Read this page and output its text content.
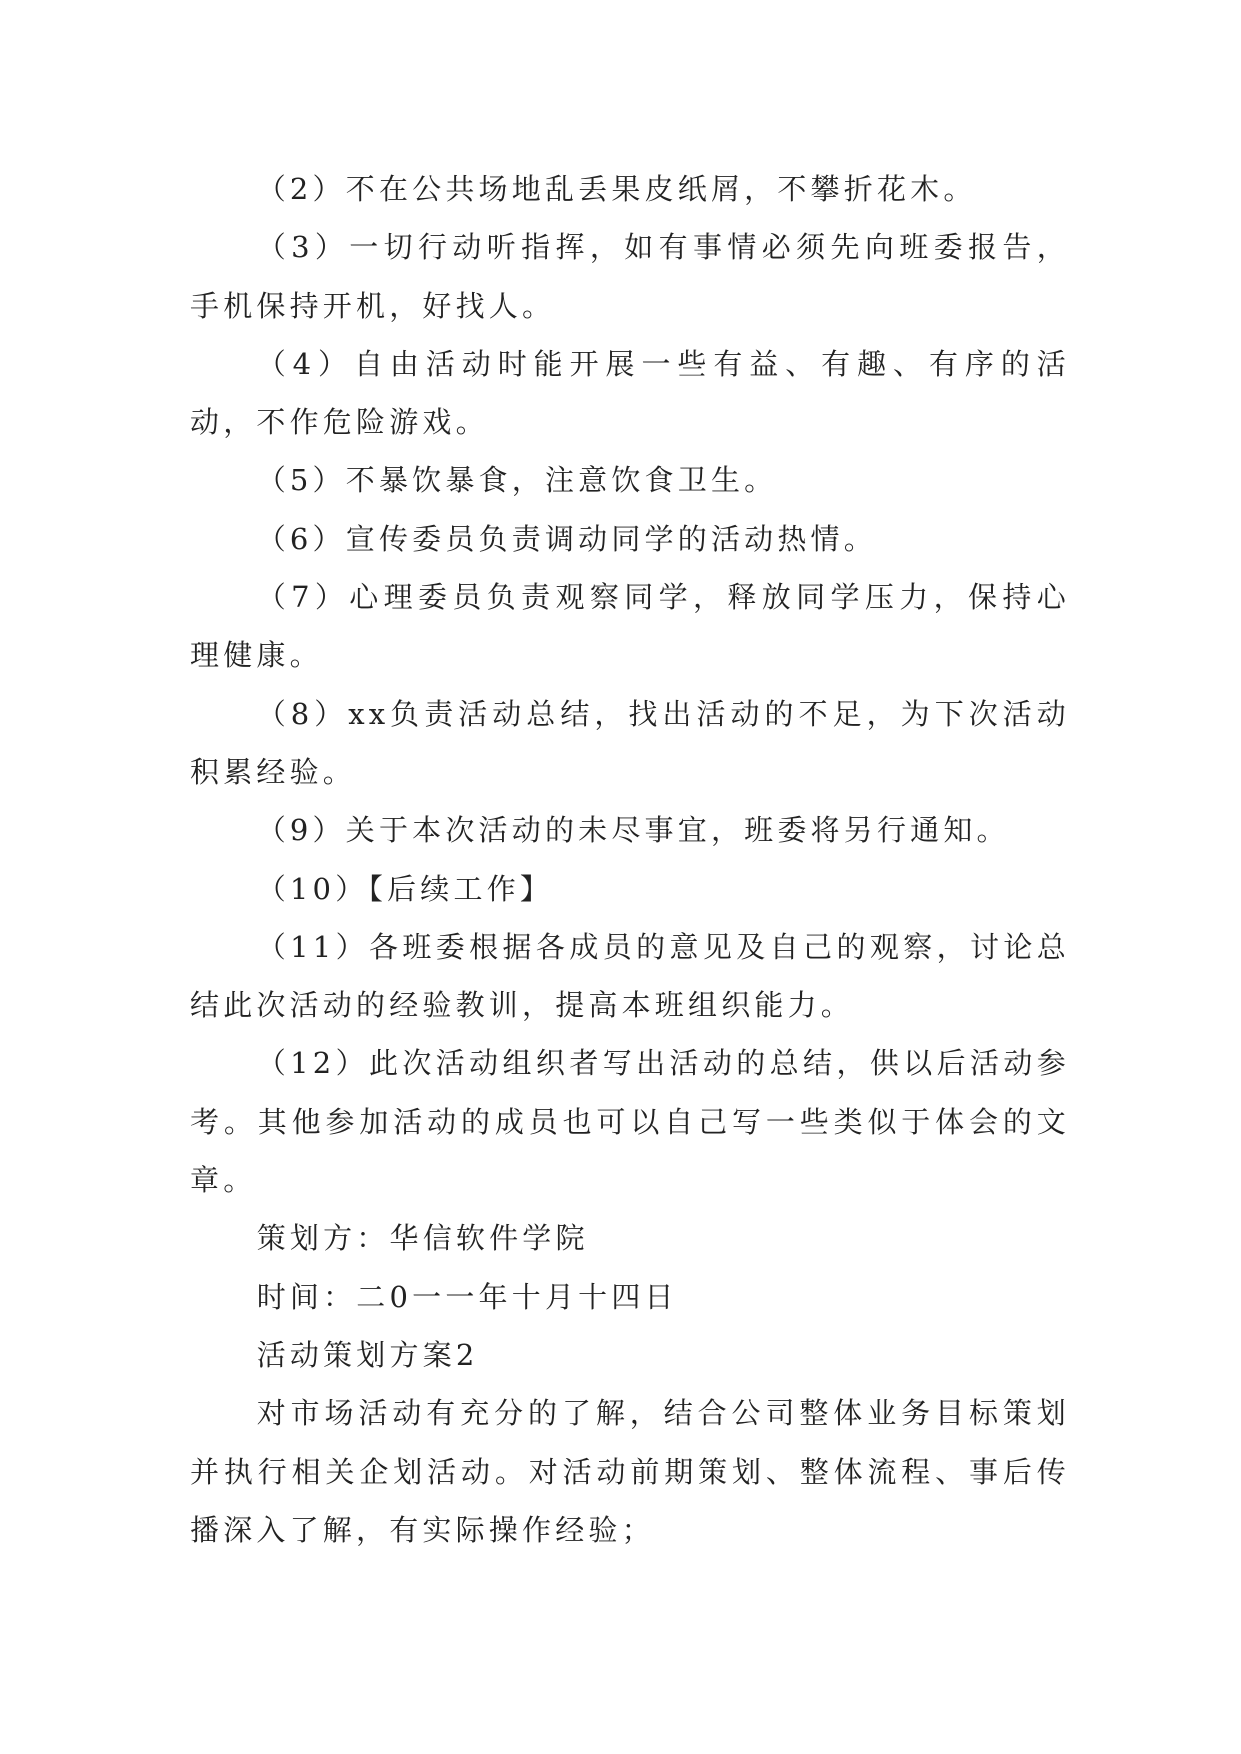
（2）不在公共场地乱丢果皮纸屑，不攀折花木。

（3）一切行动听指挥，如有事情必须先向班委报告，手机保持开机，好找人。

（4）自由活动时能开展一些有益、有趣、有序的活动，不作危险游戏。

（5）不暴饮暴食，注意饮食卫生。

（6）宣传委员负责调动同学的活动热情。

（7）心理委员负责观察同学，释放同学压力，保持心理健康。

（8）xx负责活动总结，找出活动的不足，为下次活动积累经验。

（9）关于本次活动的未尽事宜，班委将另行通知。

（10）【后续工作】

（11）各班委根据各成员的意见及自己的观察，讨论总结此次活动的经验教训，提高本班组织能力。

（12）此次活动组织者写出活动的总结，供以后活动参考。其他参加活动的成员也可以自己写一些类似于体会的文章。

策划方：华信软件学院

时间：二0一一年十月十四日

活动策划方案2

对市场活动有充分的了解，结合公司整体业务目标策划并执行相关企划活动。对活动前期策划、整体流程、事后传播深入了解，有实际操作经验；
